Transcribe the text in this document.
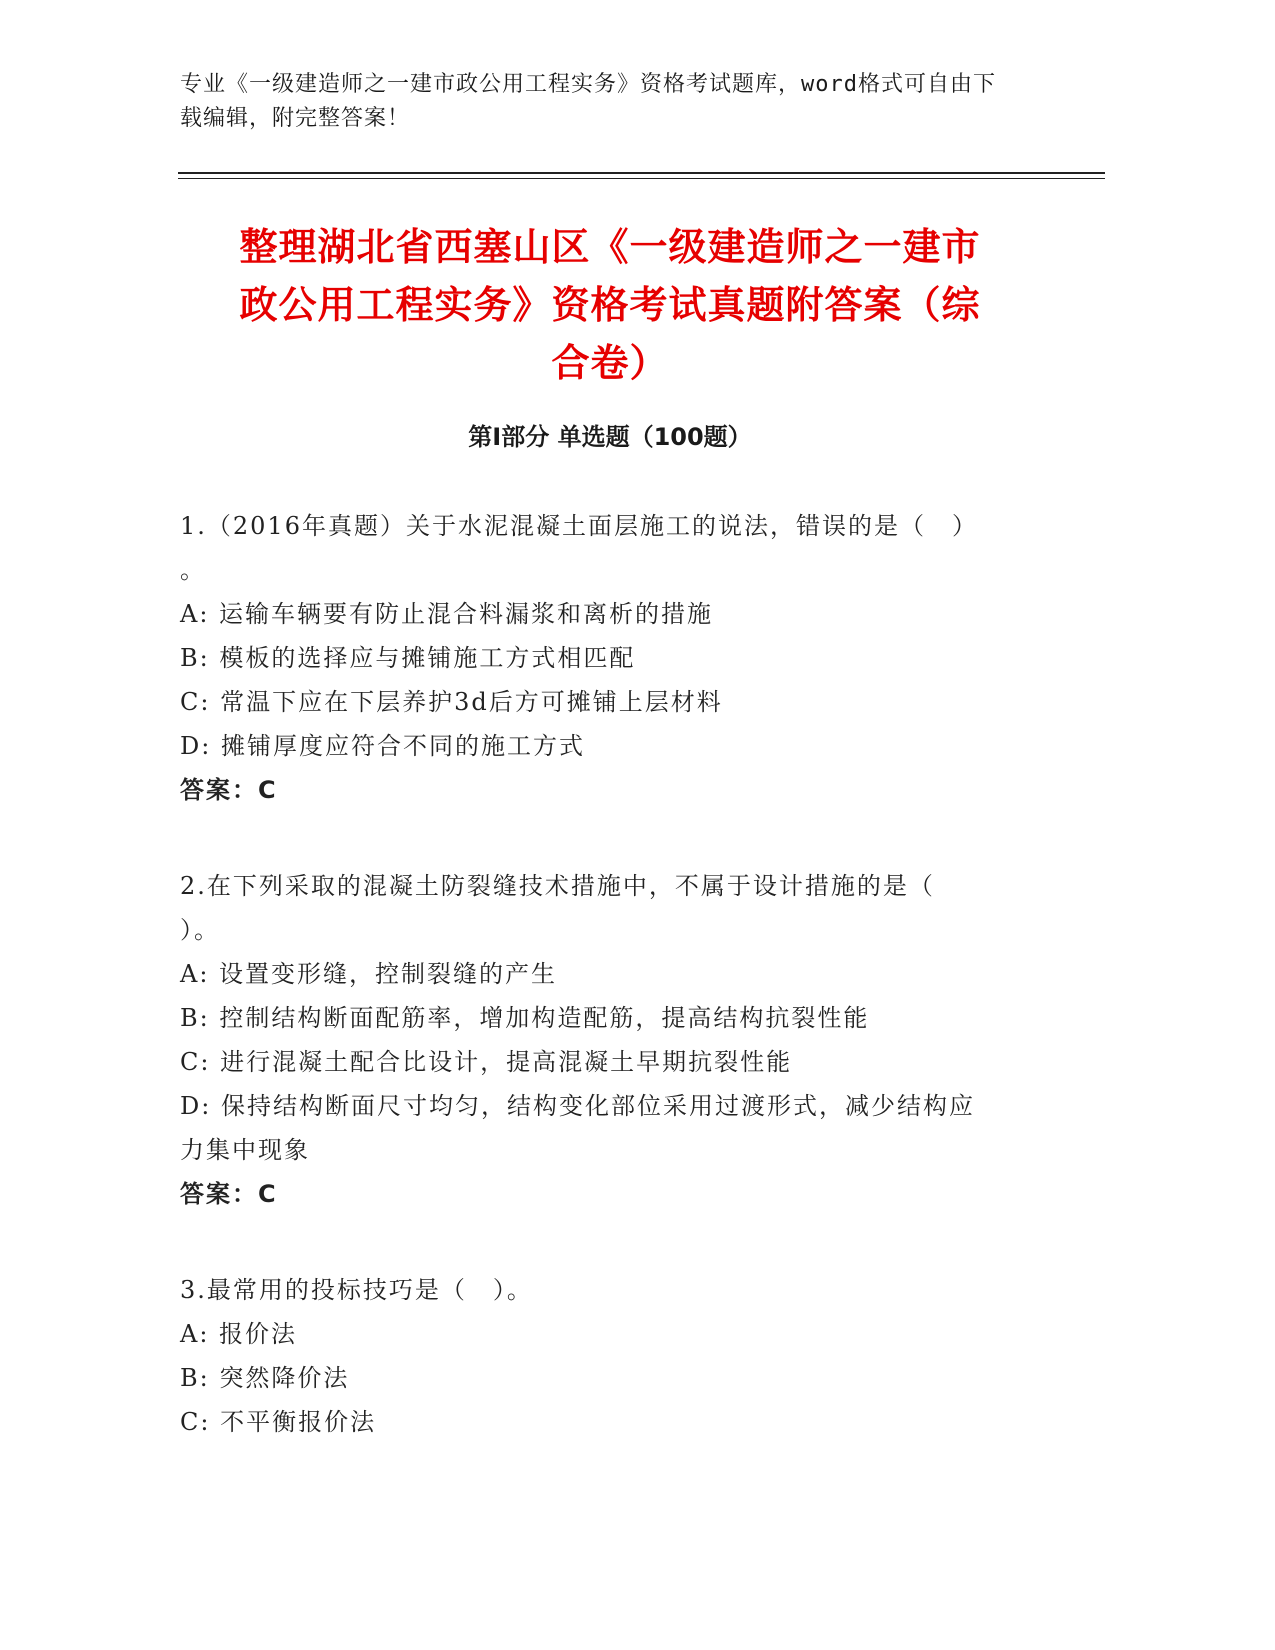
专业《一级建造师之一建市政公用工程实务》资格考试题库，word格式可自由下
载编辑，附完整答案！
整理湖北省西塞山区《一级建造师之一建市
政公用工程实务》资格考试真题附答案（综
合卷）
第Ⅰ部分 单选题（100题）
1.（2016年真题）关于水泥混凝土面层施工的说法，错误的是（　）
。
A: 运输车辆要有防止混合料漏浆和离析的措施
B: 模板的选择应与摊铺施工方式相匹配
C: 常温下应在下层养护3d后方可摊铺上层材料
D: 摊铺厚度应符合不同的施工方式
答案：C
2.在下列采取的混凝土防裂缝技术措施中，不属于设计措施的是（
）。
A: 设置变形缝，控制裂缝的产生
B: 控制结构断面配筋率，增加构造配筋，提高结构抗裂性能
C: 进行混凝土配合比设计，提高混凝土早期抗裂性能
D: 保持结构断面尺寸均匀，结构变化部位采用过渡形式，减少结构应
力集中现象
答案：C
3.最常用的投标技巧是（　）。
A: 报价法
B: 突然降价法
C: 不平衡报价法
